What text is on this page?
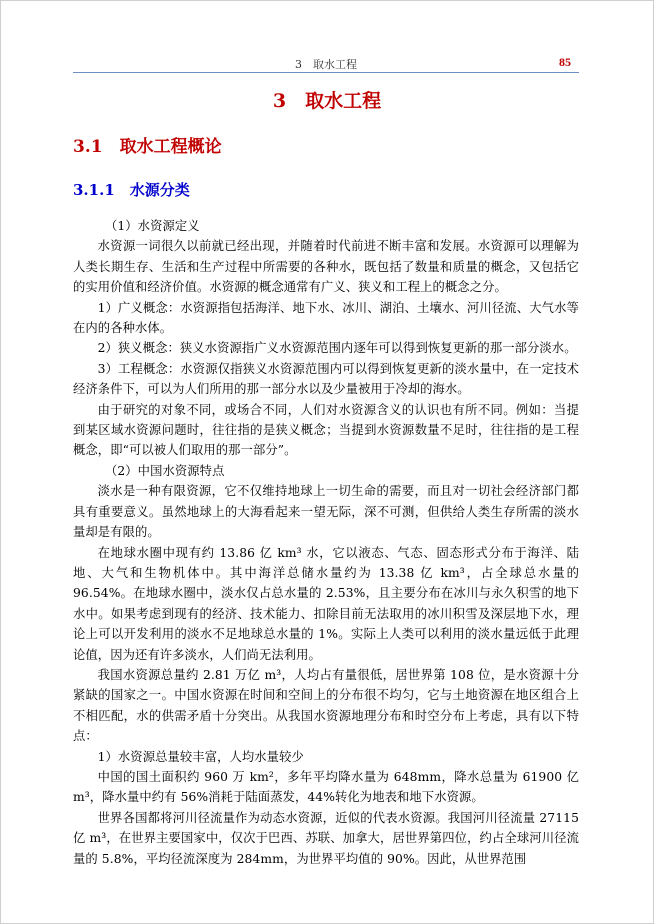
3　取水工程	85
3　取水工程
3.1　取水工程概论
3.1.1　水源分类

（1）水资源定义

水资源一词很久以前就已经出现，并随着时代前进不断丰富和发展。水资源可以理解为人类长期生存、生活和生产过程中所需要的各种水，既包括了数量和质量的概念，又包括它的实用价值和经济价值。水资源的概念通常有广义、狭义和工程上的概念之分。

1）广义概念：水资源指包括海洋、地下水、冰川、湖泊、土壤水、河川径流、大气水等在内的各种水体。

2）狭义概念：狭义水资源指广义水资源范围内逐年可以得到恢复更新的那一部分淡水。

3）工程概念：水资源仅指狭义水资源范围内可以得到恢复更新的淡水量中，在一定技术经济条件下，可以为人们所用的那一部分水以及少量被用于冷却的海水。

由于研究的对象不同，或场合不同，人们对水资源含义的认识也有所不同。例如：当提到某区域水资源问题时，往往指的是狭义概念；当提到水资源数量不足时，往往指的是工程概念，即“可以被人们取用的那一部分”。

（2）中国水资源特点

淡水是一种有限资源，它不仅维持地球上一切生命的需要，而且对一切社会经济部门都具有重要意义。虽然地球上的大海看起来一望无际，深不可测，但供给人类生存所需的淡水量却是有限的。

在地球水圈中现有约 13.86 亿 km³ 水，它以液态、气态、固态形式分布于海洋、陆地、大气和生物机体中。其中海洋总储水量约为 13.38 亿 km³，占全球总水量的 96.54%。在地球水圈中，淡水仅占总水量的 2.53%，且主要分布在冰川与永久积雪的地下水中。如果考虑到现有的经济、技术能力、扣除目前无法取用的冰川积雪及深层地下水，理论上可以开发利用的淡水不足地球总水量的 1%。实际上人类可以利用的淡水量远低于此理论值，因为还有许多淡水，人们尚无法利用。

我国水资源总量约 2.81 万亿 m³，人均占有量很低，居世界第 108 位，是水资源十分紧缺的国家之一。中国水资源在时间和空间上的分布很不均匀，它与土地资源在地区组合上不相匹配，水的供需矛盾十分突出。从我国水资源地理分布和时空分布上考虑，具有以下特点：

1）水资源总量较丰富，人均水量较少

中国的国土面积约 960 万 km²，多年平均降水量为 648mm，降水总量为 61900 亿 m³，降水量中约有 56%消耗于陆面蒸发，44%转化为地表和地下水资源。

世界各国都将河川径流量作为动态水资源，近似的代表水资源。我国河川径流量 27115 亿 m³，在世界主要国家中，仅次于巴西、苏联、加拿大，居世界第四位，约占全球河川径流量的 5.8%，平均径流深度为 284mm，为世界平均值的 90%。因此，从世界范围
